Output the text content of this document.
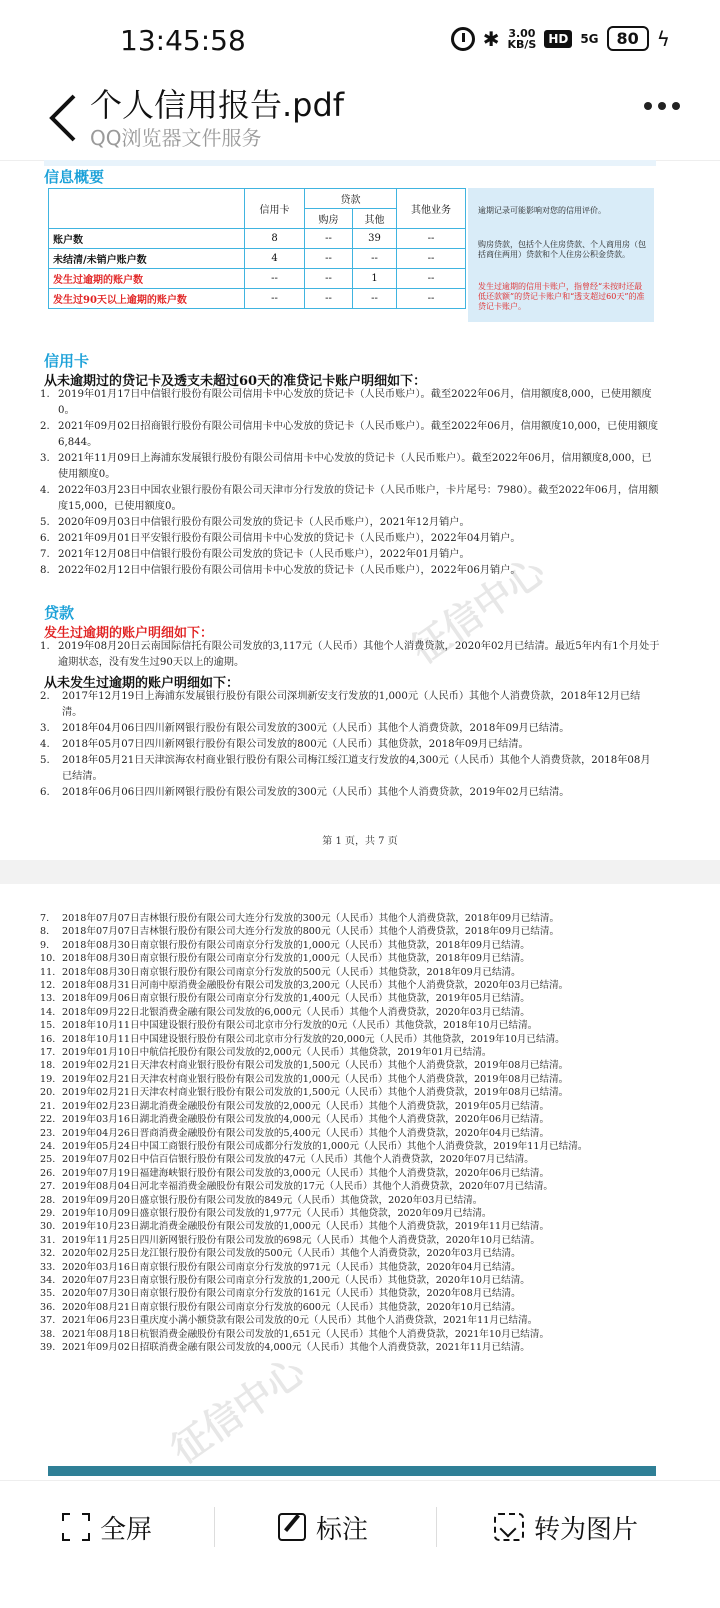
13:45:58	✱ 3.00
KB/S	HD	5G	80 ϟ
个人信用报告.pdf
QQ浏览器文件服务
信息概要
	信用卡	贷款		其他业务
		购房	其他	
账户数	8	--	39	--
未结清/未销户账户数	4	--	--	--
发生过逾期的账户数	--	--	1	--
发生过90天以上逾期的账户数	--	--	--	--
逾期记录可能影响对您的信用评价。
购房贷款，包括个人住房贷款、个人商用房（包括商住两用）贷款和个人住房公积金贷款。
发生过逾期的信用卡账户，指曾经“未按时还最低还款额”的贷记卡账户和“透支超过60天”的准贷记卡账户。
信用卡
从未逾期过的贷记卡及透支未超过60天的准贷记卡账户明细如下：
1. 2019年01月17日中信银行股份有限公司信用卡中心发放的贷记卡（人民币账户）。截至2022年06月，信用额度8,000，已使用额度0。
2. 2021年09月02日招商银行股份有限公司信用卡中心发放的贷记卡（人民币账户）。截至2022年06月，信用额度10,000，已使用额度6,844。
3. 2021年11月09日上海浦东发展银行股份有限公司信用卡中心发放的贷记卡（人民币账户）。截至2022年06月，信用额度8,000，已使用额度0。
4. 2022年03月23日中国农业银行股份有限公司天津市分行发放的贷记卡（人民币账户，卡片尾号：7980）。截至2022年06月，信用额度15,000，已使用额度0。
5. 2020年09月03日中信银行股份有限公司发放的贷记卡（人民币账户），2021年12月销户。
6. 2021年09月01日平安银行股份有限公司信用卡中心发放的贷记卡（人民币账户），2022年04月销户。
7. 2021年12月08日中信银行股份有限公司发放的贷记卡（人民币账户），2022年01月销户。
8. 2022年02月12日中信银行股份有限公司信用卡中心发放的贷记卡（人民币账户），2022年06月销户。
贷款
发生过逾期的账户明细如下：
1. 2019年08月20日云南国际信托有限公司发放的3,117元（人民币）其他个人消费贷款，2020年02月已结清。最近5年内有1个月处于逾期状态，没有发生过90天以上的逾期。
从未发生过逾期的账户明细如下：
2.	2017年12月19日上海浦东发展银行股份有限公司深圳新安支行发放的1,000元（人民币）其他个人消费贷款，2018年12月已结清。
3.	2018年04月06日四川新网银行股份有限公司发放的300元（人民币）其他个人消费贷款，2018年09月已结清。
4.	2018年05月07日四川新网银行股份有限公司发放的800元（人民币）其他贷款，2018年09月已结清。
5.	2018年05月21日天津滨海农村商业银行股份有限公司梅江绥江道支行发放的4,300元（人民币）其他个人消费贷款，2018年08月已结清。
6.	2018年06月06日四川新网银行股份有限公司发放的300元（人民币）其他个人消费贷款，2019年02月已结清。
第 1 页，共 7 页
7.	2018年07月07日吉林银行股份有限公司大连分行发放的300元（人民币）其他个人消费贷款，2018年09月已结清。
8.	2018年07月07日吉林银行股份有限公司大连分行发放的800元（人民币）其他个人消费贷款，2018年09月已结清。
9.	2018年08月30日南京银行股份有限公司南京分行发放的1,000元（人民币）其他贷款，2018年09月已结清。
10. 2018年08月30日南京银行股份有限公司南京分行发放的1,000元（人民币）其他贷款，2018年09月已结清。
11. 2018年08月30日南京银行股份有限公司南京分行发放的500元（人民币）其他贷款，2018年09月已结清。
12. 2018年08月31日河南中原消费金融股份有限公司发放的3,200元（人民币）其他个人消费贷款，2020年03月已结清。
13. 2018年09月06日南京银行股份有限公司南京分行发放的1,400元（人民币）其他贷款，2019年05月已结清。
14. 2018年09月22日北银消费金融有限公司发放的6,000元（人民币）其他个人消费贷款，2020年03月已结清。
15. 2018年10月11日中国建设银行股份有限公司北京市分行发放的0元（人民币）其他贷款，2018年10月已结清。
16. 2018年10月11日中国建设银行股份有限公司北京市分行发放的20,000元（人民币）其他贷款，2019年10月已结清。
17. 2019年01月10日中航信托股份有限公司发放的2,000元（人民币）其他贷款，2019年01月已结清。
18. 2019年02月21日天津农村商业银行股份有限公司发放的1,500元（人民币）其他个人消费贷款，2019年08月已结清。
19. 2019年02月21日天津农村商业银行股份有限公司发放的1,000元（人民币）其他个人消费贷款，2019年08月已结清。
20. 2019年02月21日天津农村商业银行股份有限公司发放的1,500元（人民币）其他个人消费贷款，2019年08月已结清。
21. 2019年02月23日湖北消费金融股份有限公司发放的2,000元（人民币）其他个人消费贷款，2019年05月已结清。
22. 2019年03月16日湖北消费金融股份有限公司发放的4,000元（人民币）其他个人消费贷款，2020年06月已结清。
23. 2019年04月26日晋商消费金融股份有限公司发放的5,400元（人民币）其他个人消费贷款，2020年04月已结清。
24. 2019年05月24日中国工商银行股份有限公司成都分行发放的1,000元（人民币）其他个人消费贷款，2019年11月已结清。
25. 2019年07月02日中信百信银行股份有限公司发放的47元（人民币）其他个人消费贷款，2020年07月已结清。
26. 2019年07月19日福建海峡银行股份有限公司发放的3,000元（人民币）其他个人消费贷款，2020年06月已结清。
27. 2019年08月04日河北幸福消费金融股份有限公司发放的17元（人民币）其他个人消费贷款，2020年07月已结清。
28. 2019年09月20日盛京银行股份有限公司发放的849元（人民币）其他贷款，2020年03月已结清。
29. 2019年10月09日盛京银行股份有限公司发放的1,977元（人民币）其他贷款，2020年09月已结清。
30. 2019年10月23日湖北消费金融股份有限公司发放的1,000元（人民币）其他个人消费贷款，2019年11月已结清。
31. 2019年11月25日四川新网银行股份有限公司发放的698元（人民币）其他个人消费贷款，2020年10月已结清。
32. 2020年02月25日龙江银行股份有限公司发放的500元（人民币）其他个人消费贷款，2020年03月已结清。
33. 2020年03月16日南京银行股份有限公司南京分行发放的971元（人民币）其他贷款，2020年04月已结清。
34. 2020年07月23日南京银行股份有限公司南京分行发放的1,200元（人民币）其他贷款，2020年10月已结清。
35. 2020年07月30日南京银行股份有限公司南京分行发放的161元（人民币）其他贷款，2020年08月已结清。
36. 2020年08月21日南京银行股份有限公司南京分行发放的600元（人民币）其他贷款，2020年10月已结清。
37. 2021年06月23日重庆度小满小额贷款有限公司发放的0元（人民币）其他个人消费贷款，2021年11月已结清。
38. 2021年08月18日杭银消费金融股份有限公司发放的1,651元（人民币）其他个人消费贷款，2021年10月已结清。
39. 2021年09月02日招联消费金融有限公司发放的4,000元（人民币）其他个人消费贷款，2021年11月已结清。
全屏	标注	转为图片
